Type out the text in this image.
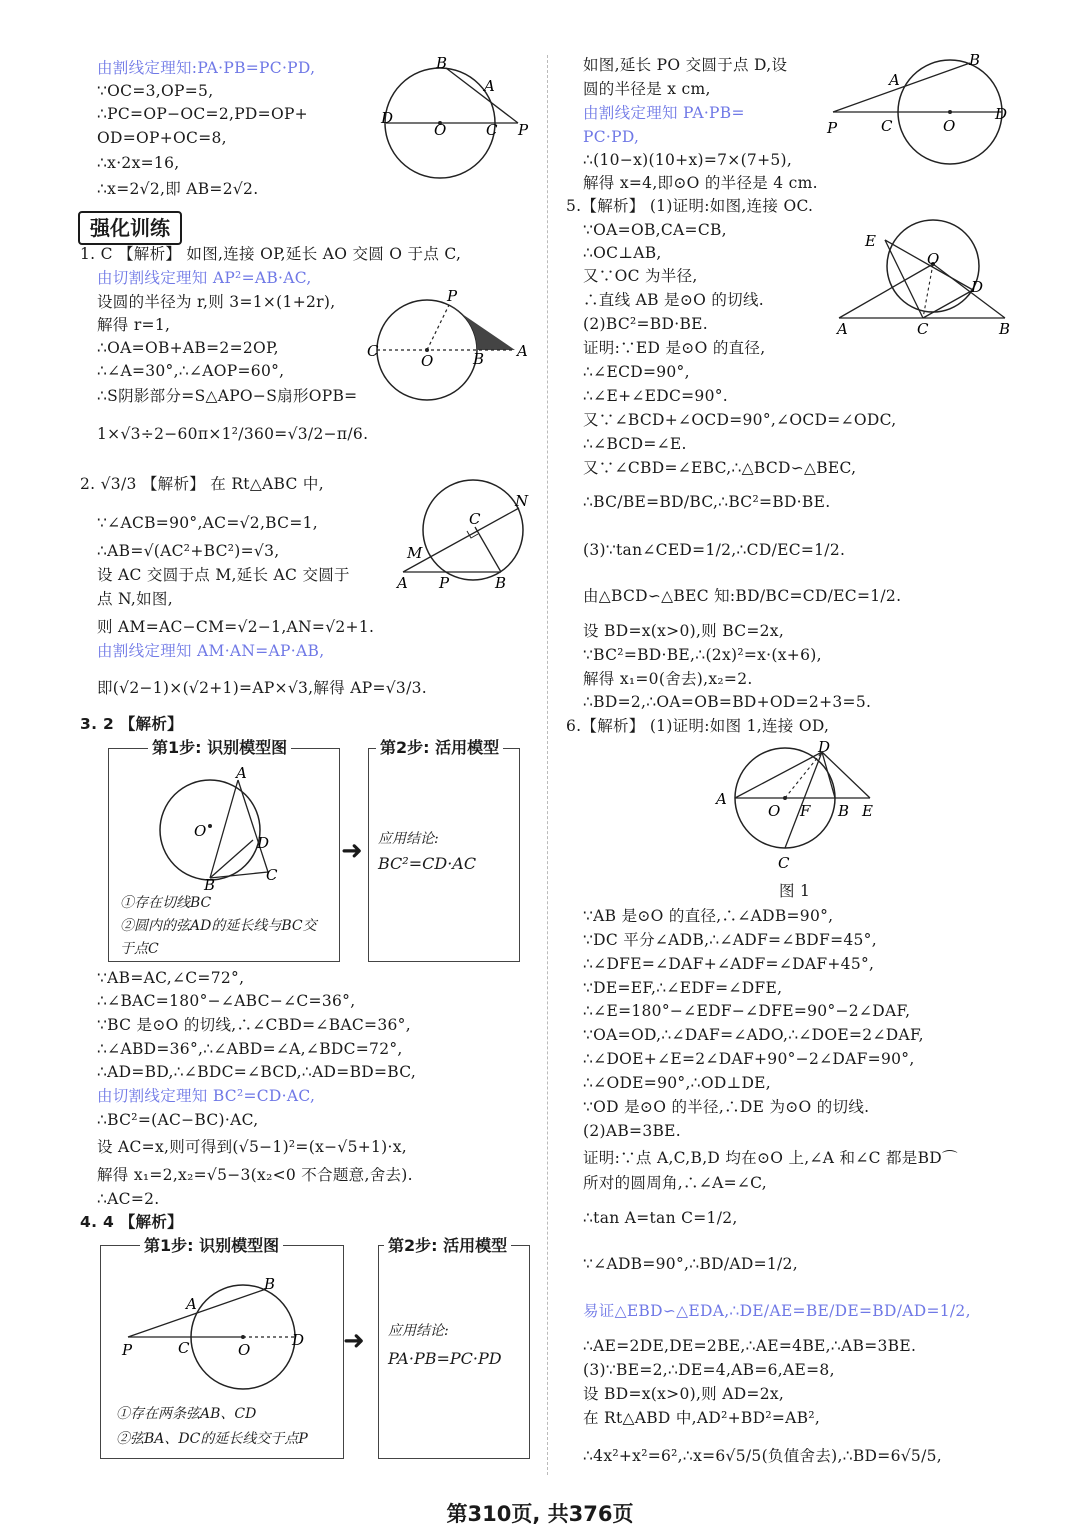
由割线定理知:PA·PB=PC·PD,
∵OC=3,OP=5,
∴PC=OP−OC=2,PD=OP+
OD=OP+OC=8,
∴x·2x=16,
∴x=2√2,即 AB=2√2.
B
A
D
O	C P
强化训练
1. C 【解析】 如图,连接 OP,延长 AO 交圆 O 于点 C,
由切割线定理知 AP²=AB·AC,
设圆的半径为 r,则 3=1×(1+2r),
解得 r=1,
∴OA=OB+AB=2=2OP,
∴∠A=30°,∴∠AOP=60°,
∴S阴影部分=S△APO−S扇形OPB=
1×√3÷2−60π×1²/360=√3/2−π/6.
P
C
O	B A
2. √3/3 【解析】 在 Rt△ABC 中,
∵∠ACB=90°,AC=√2,BC=1,
∴AB=√(AC²+BC²)=√3,
设 AC 交圆于点 M,延长 AC 交圆于
点 N,如图,
则 AM=AC−CM=√2−1,AN=√2+1.
由割线定理知 AM·AN=AP·AB,
即(√2−1)×(√2+1)=AP×√3,解得 AP=√3/3.
C
N
M
A P	B
3. 2 【解析】
第1步: 识别模型图
A
O
D
B
C
①存在切线BC
②圆内的弦AD的延长线与BC交
于点C
➜
第2步: 活用模型
应用结论:
BC²=CD·AC
∵AB=AC,∠C=72°,
∴∠BAC=180°−∠ABC−∠C=36°,
∵BC 是⊙O 的切线,∴∠CBD=∠BAC=36°,
∴∠ABD=36°,∴∠ABD=∠A,∠BDC=72°,
∴AD=BD,∴∠BDC=∠BCD,∴AD=BD=BC,
由切割线定理知 BC²=CD·AC,
∴BC²=(AC−BC)·AC,
设 AC=x,则可得到(√5−1)²=(x−√5+1)·x,
解得 x₁=2,x₂=√5−3(x₂<0 不合题意,舍去).
∴AC=2.
4. 4 【解析】
第1步: 识别模型图
B
A
P	C	O
D
①存在两条弦AB、CD
②弦BA、DC的延长线交于点P
➜
第2步: 活用模型
应用结论:
PA·PB=PC·PD
如图,延长 PO 交圆于点 D,设
圆的半径是 x cm,
由割线定理知 PA·PB=
PC·PD,
∴(10−x)(10+x)=7×(7+5),
解得 x=4,即⊙O 的半径是 4 cm.
B
A
P	C	O
D
5.【解析】 (1)证明:如图,连接 OC.
∵OA=OB,CA=CB,
∴OC⊥AB,
又∵OC 为半径,
∴直线 AB 是⊙O 的切线.
(2)BC²=BD·BE.
证明:∵ED 是⊙O 的直径,
∴∠ECD=90°,
∴∠E+∠EDC=90°.
又∵∠BCD+∠OCD=90°,∠OCD=∠ODC,
∴∠BCD=∠E.
又∵∠CBD=∠EBC,∴△BCD∽△BEC,
∴BC/BE=BD/BC,∴BC²=BD·BE.
(3)∵tan∠CED=1/2,∴CD/EC=1/2.
由△BCD∽△BEC 知:BD/BC=CD/EC=1/2.
设 BD=x(x>0),则 BC=2x,
∵BC²=BD·BE,∴(2x)²=x·(x+6),
解得 x₁=0(舍去),x₂=2.
∴BD=2,∴OA=OB=BD+OD=2+3=5.
E
O
D
A	C	B
6.【解析】 (1)证明:如图 1,连接 OD,
D
A
O F B E
C
图 1
∵AB 是⊙O 的直径,∴∠ADB=90°,
∵DC 平分∠ADB,∴∠ADF=∠BDF=45°,
∴∠DFE=∠DAF+∠ADF=∠DAF+45°,
∵DE=EF,∴∠EDF=∠DFE,
∴∠E=180°−∠EDF−∠DFE=90°−2∠DAF,
∵OA=OD,∴∠DAF=∠ADO,∴∠DOE=2∠DAF,
∴∠DOE+∠E=2∠DAF+90°−2∠DAF=90°,
∴∠ODE=90°,∴OD⊥DE,
∵OD 是⊙O 的半径,∴DE 为⊙O 的切线.
(2)AB=3BE.
证明:∵点 A,C,B,D 均在⊙O 上,∠A 和∠C 都是BD⌒
所对的圆周角,∴∠A=∠C,
∴tan A=tan C=1/2,
∵∠ADB=90°,∴BD/AD=1/2,
易证△EBD∽△EDA,∴DE/AE=BE/DE=BD/AD=1/2,
∴AE=2DE,DE=2BE,∴AE=4BE,∴AB=3BE.
(3)∵BE=2,∴DE=4,AB=6,AE=8,
设 BD=x(x>0),则 AD=2x,
在 Rt△ABD 中,AD²+BD²=AB²,
∴4x²+x²=6²,∴x=6√5/5(负值舍去),∴BD=6√5/5,
第310页, 共376页
